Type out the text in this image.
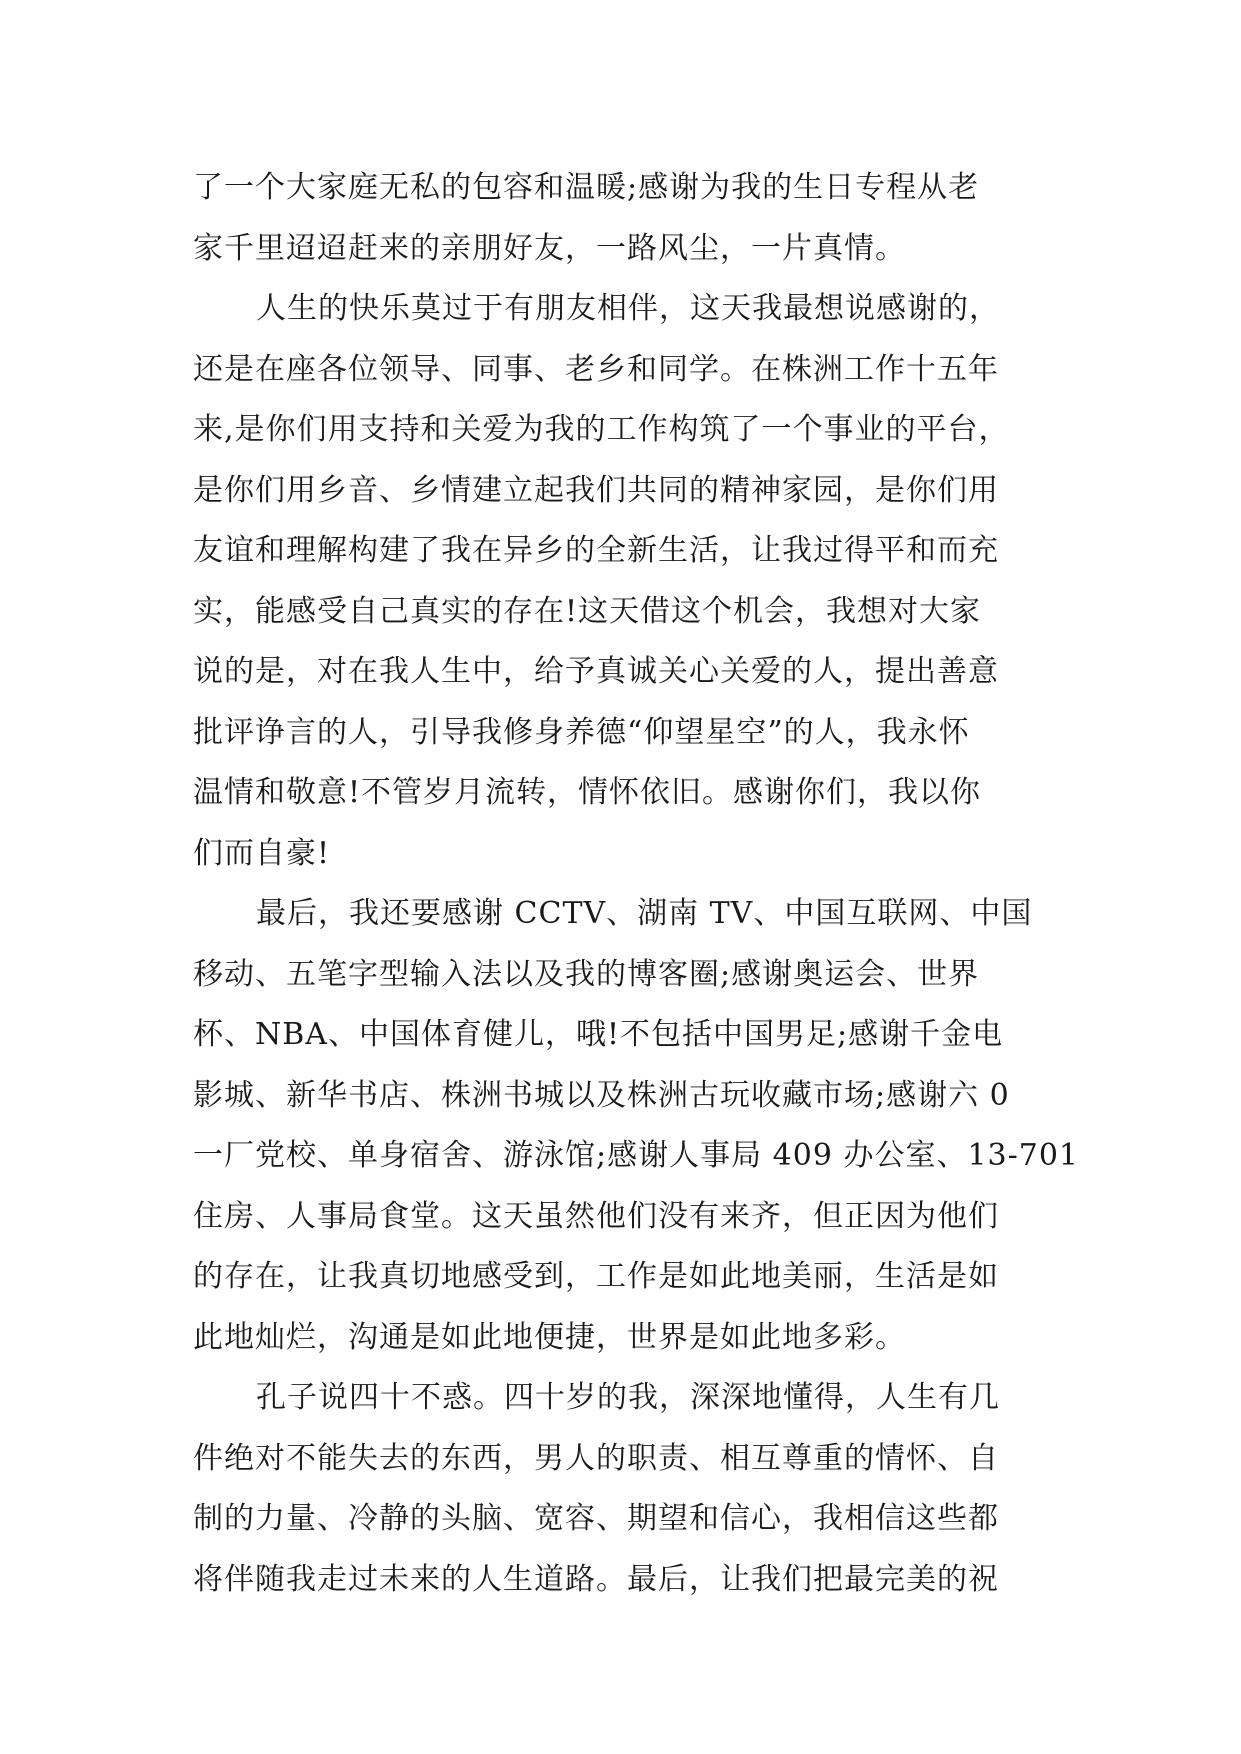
了一个大家庭无私的包容和温暖;感谢为我的生日专程从老
家千里迢迢赶来的亲朋好友，一路风尘，一片真情。
人生的快乐莫过于有朋友相伴，这天我最想说感谢的，
还是在座各位领导、同事、老乡和同学。在株洲工作十五年
来,是你们用支持和关爱为我的工作构筑了一个事业的平台，
是你们用乡音、乡情建立起我们共同的精神家园，是你们用
友谊和理解构建了我在异乡的全新生活，让我过得平和而充
实，能感受自己真实的存在!这天借这个机会，我想对大家
说的是，对在我人生中，给予真诚关心关爱的人，提出善意
批评诤言的人，引导我修身养德“仰望星空”的人，我永怀
温情和敬意!不管岁月流转，情怀依旧。感谢你们，我以你
们而自豪!
最后，我还要感谢 CCTV、湖南 TV、中国互联网、中国
移动、五笔字型输入法以及我的博客圈;感谢奥运会、世界
杯、NBA、中国体育健儿，哦!不包括中国男足;感谢千金电
影城、新华书店、株洲书城以及株洲古玩收藏市场;感谢六 0
一厂党校、单身宿舍、游泳馆;感谢人事局 409 办公室、13-701
住房、人事局食堂。这天虽然他们没有来齐，但正因为他们
的存在，让我真切地感受到，工作是如此地美丽，生活是如
此地灿烂，沟通是如此地便捷，世界是如此地多彩。
孔子说四十不惑。四十岁的我，深深地懂得，人生有几
件绝对不能失去的东西，男人的职责、相互尊重的情怀、自
制的力量、冷静的头脑、宽容、期望和信心，我相信这些都
将伴随我走过未来的人生道路。最后，让我们把最完美的祝
